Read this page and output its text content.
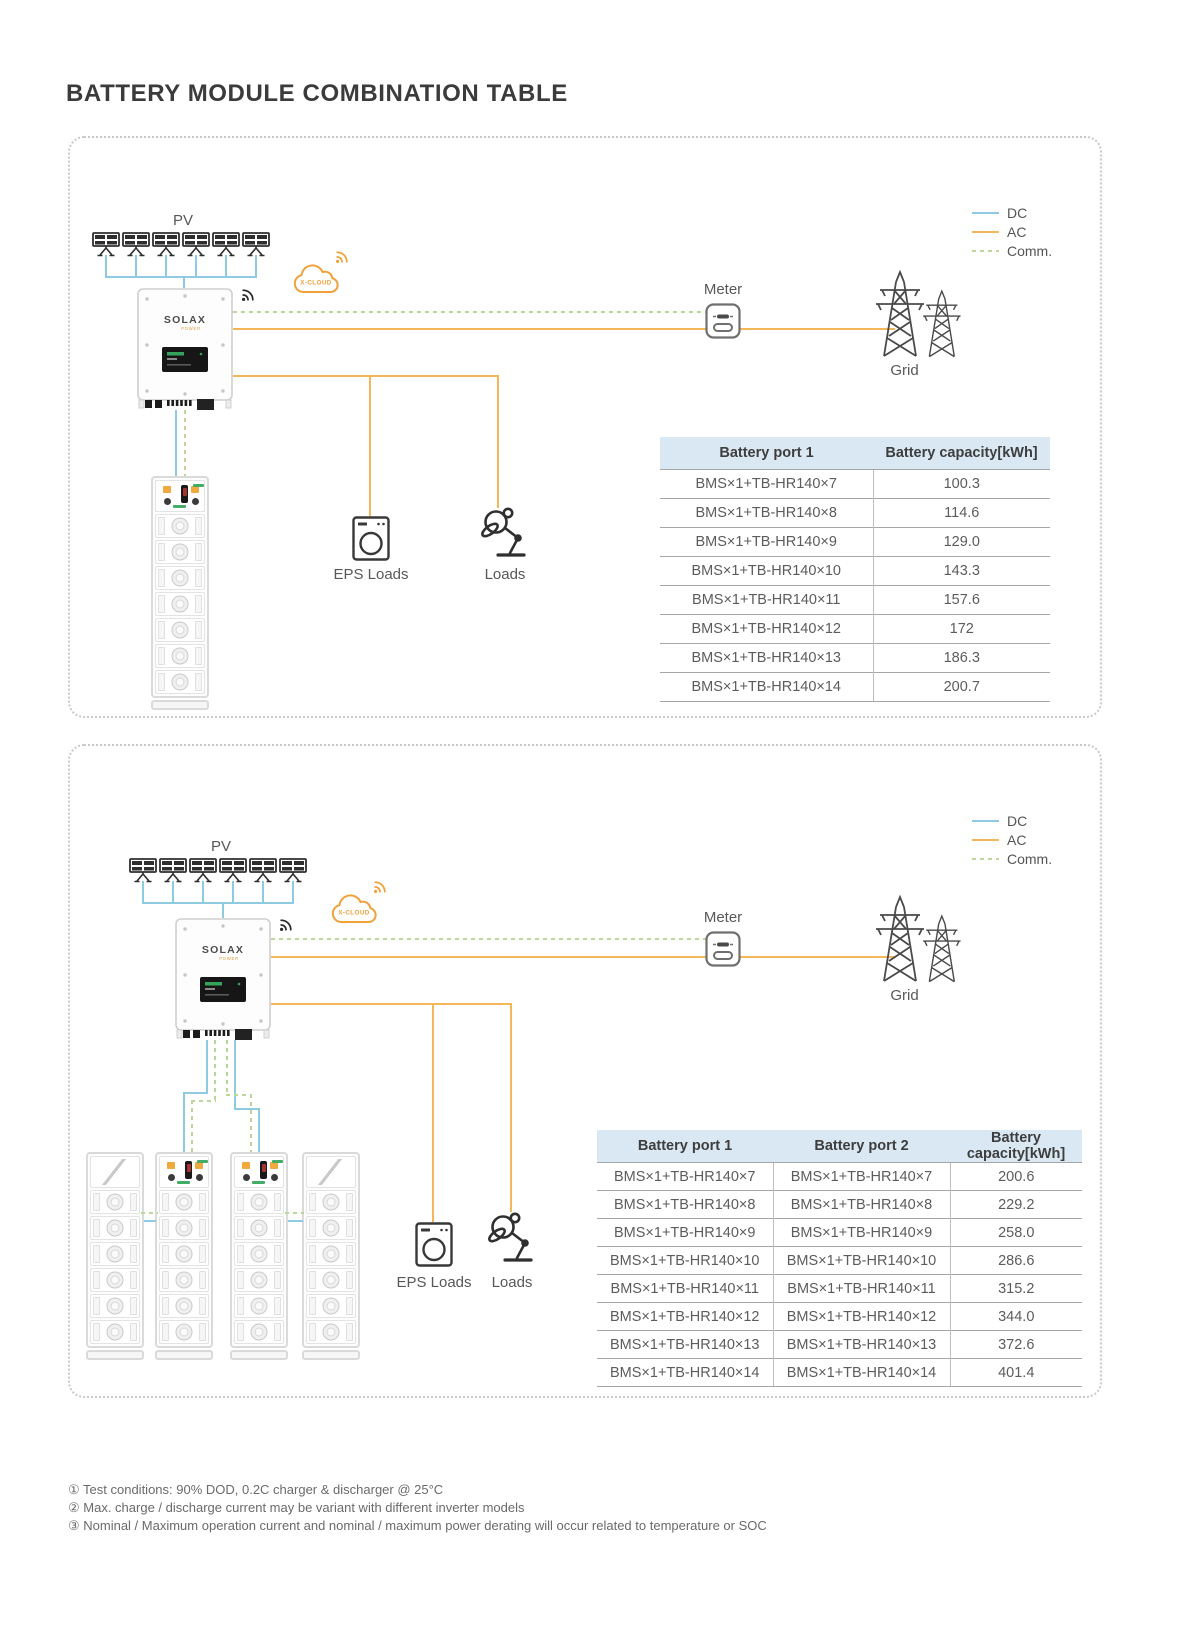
BATTERY MODULE COMBINATION TABLE
PV
SOLAX
POWER
X-CLOUD	Meter
Grid
DC
AC
Comm.
EPS Loads	Loads
Battery port 1	Battery capacity[kWh]
BMS×1+TB-HR140×7	100.3
BMS×1+TB-HR140×8	114.6
BMS×1+TB-HR140×9	129.0
BMS×1+TB-HR140×10	143.3
BMS×1+TB-HR140×11	157.6
BMS×1+TB-HR140×12	172
BMS×1+TB-HR140×13	186.3
BMS×1+TB-HR140×14	200.7
PV
SOLAX
POWER
X-CLOUD	Meter
Grid
DC
AC
Comm.
EPS Loads	Loads
Battery port 1	Battery port 2	Battery capacity[kWh]
BMS×1+TB-HR140×7	BMS×1+TB-HR140×7	200.6
BMS×1+TB-HR140×8	BMS×1+TB-HR140×8	229.2
BMS×1+TB-HR140×9	BMS×1+TB-HR140×9	258.0
BMS×1+TB-HR140×10	BMS×1+TB-HR140×10	286.6
BMS×1+TB-HR140×11	BMS×1+TB-HR140×11	315.2
BMS×1+TB-HR140×12	BMS×1+TB-HR140×12	344.0
BMS×1+TB-HR140×13	BMS×1+TB-HR140×13	372.6
BMS×1+TB-HR140×14	BMS×1+TB-HR140×14	401.4
① Test conditions: 90% DOD, 0.2C charger & discharger @ 25°C
② Max. charge / discharge current may be variant with different inverter models
③ Nominal / Maximum operation current and nominal / maximum power derating will occur related to temperature or SOC
